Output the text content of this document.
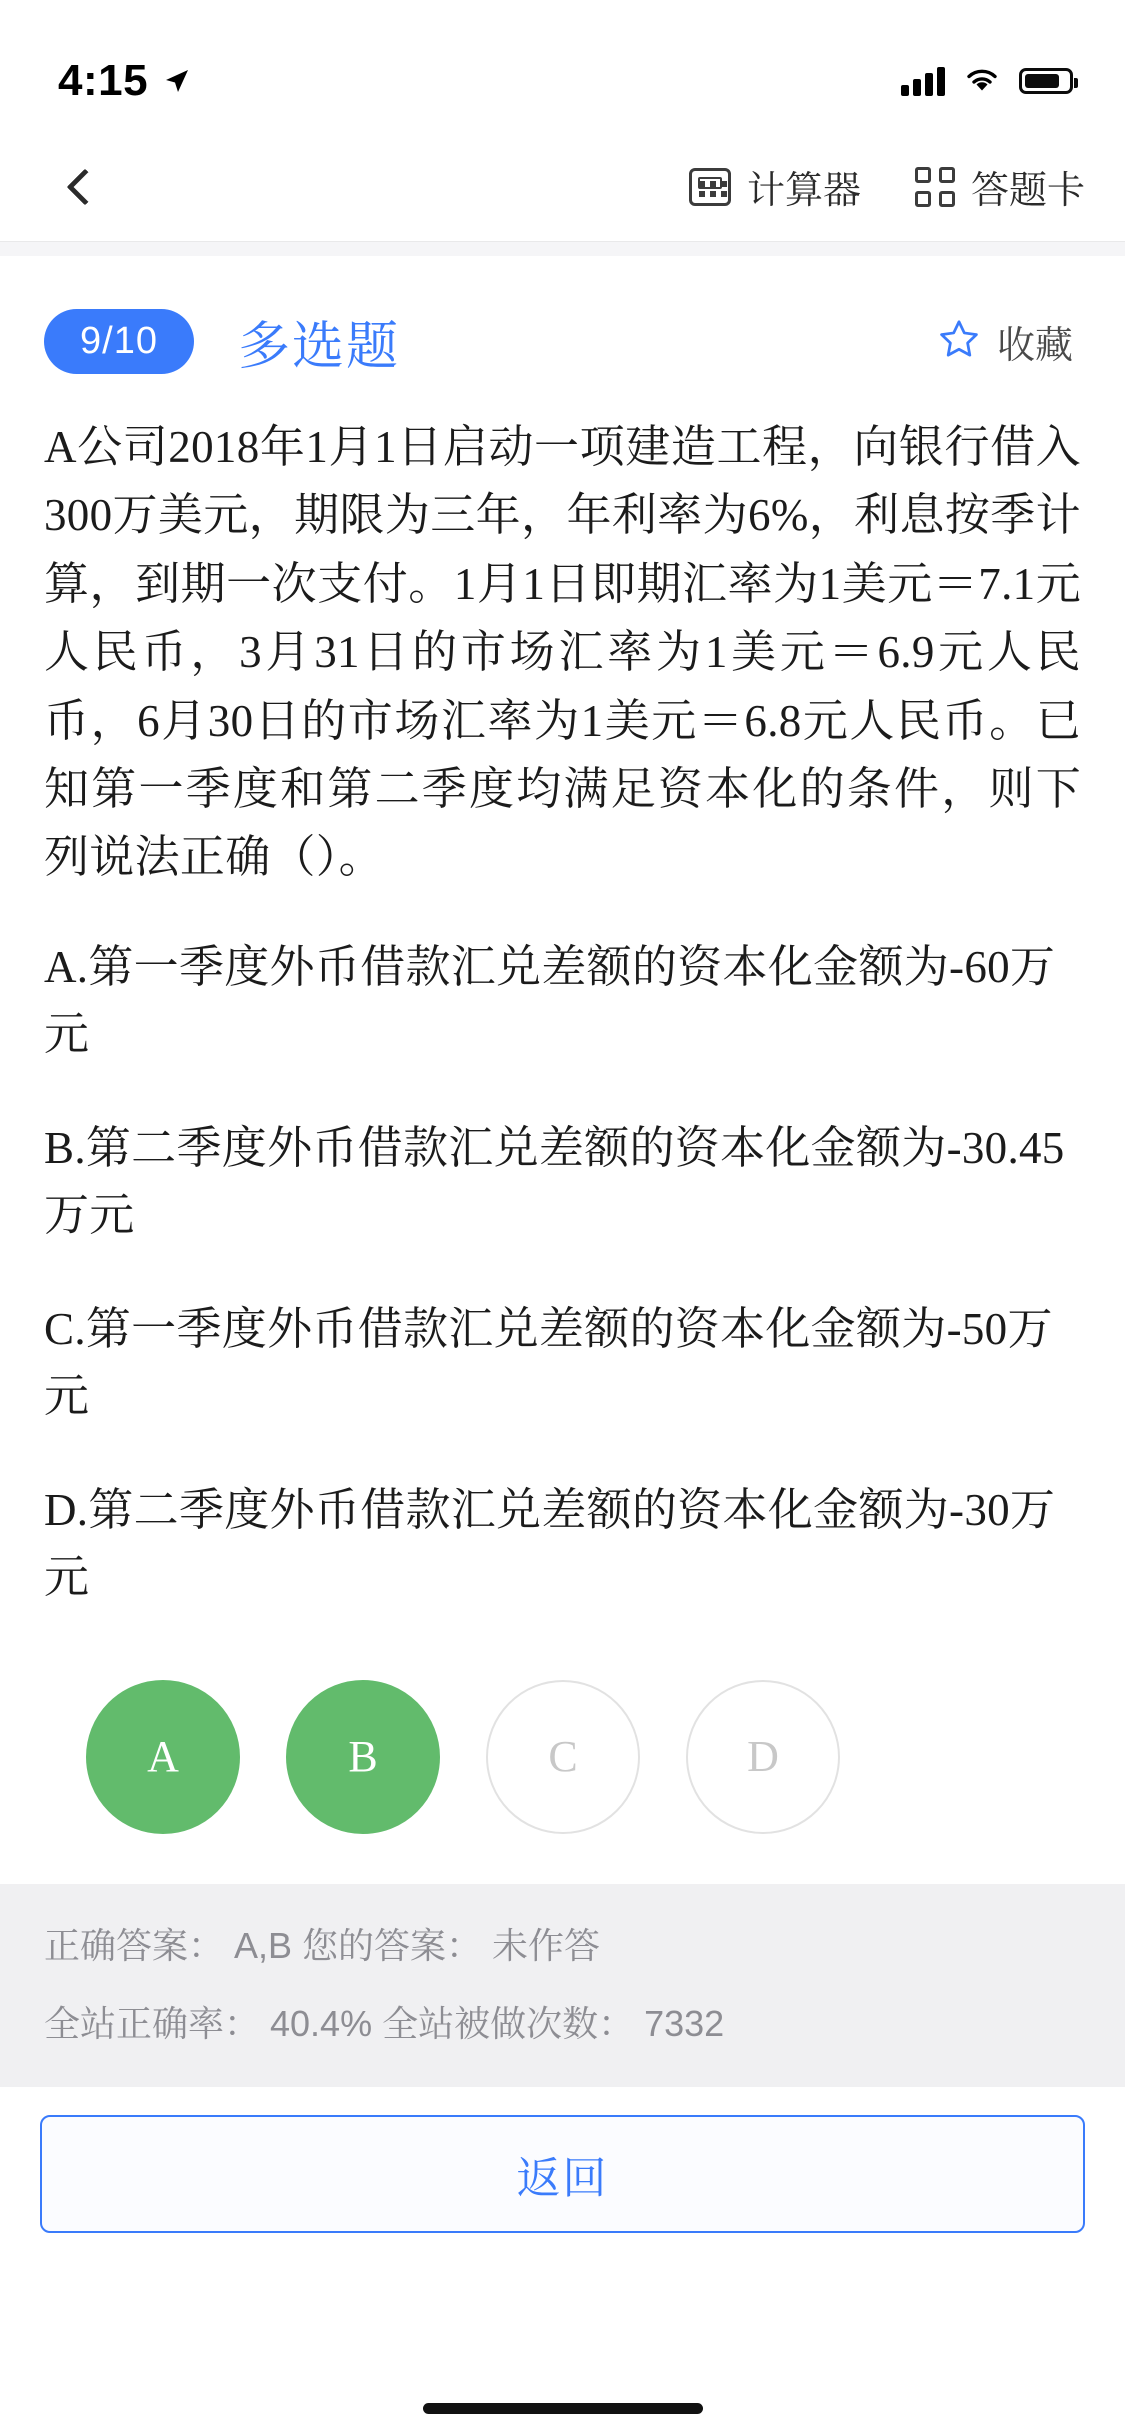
4:15
计算器	答题卡
9/10	多选题	收藏
A公司2018年1月1日启动一项建造工程，向银行借入300万美元，期限为三年，年利率为6%，利息按季计算，到期一次支付。1月1日即期汇率为1美元＝7.1元人民币，3月31日的市场汇率为1美元＝6.9元人民币，6月30日的市场汇率为1美元＝6.8元人民币。已知第一季度和第二季度均满足资本化的条件，则下列说法正确（）。
A.第一季度外币借款汇兑差额的资本化金额为-60万元
B.第二季度外币借款汇兑差额的资本化金额为-30.45万元
C.第一季度外币借款汇兑差额的资本化金额为-50万元
D.第二季度外币借款汇兑差额的资本化金额为-30万元
A	B	C	D
正确答案： A,B 您的答案： 未作答
全站正确率： 40.4% 全站被做次数： 7332
返回
